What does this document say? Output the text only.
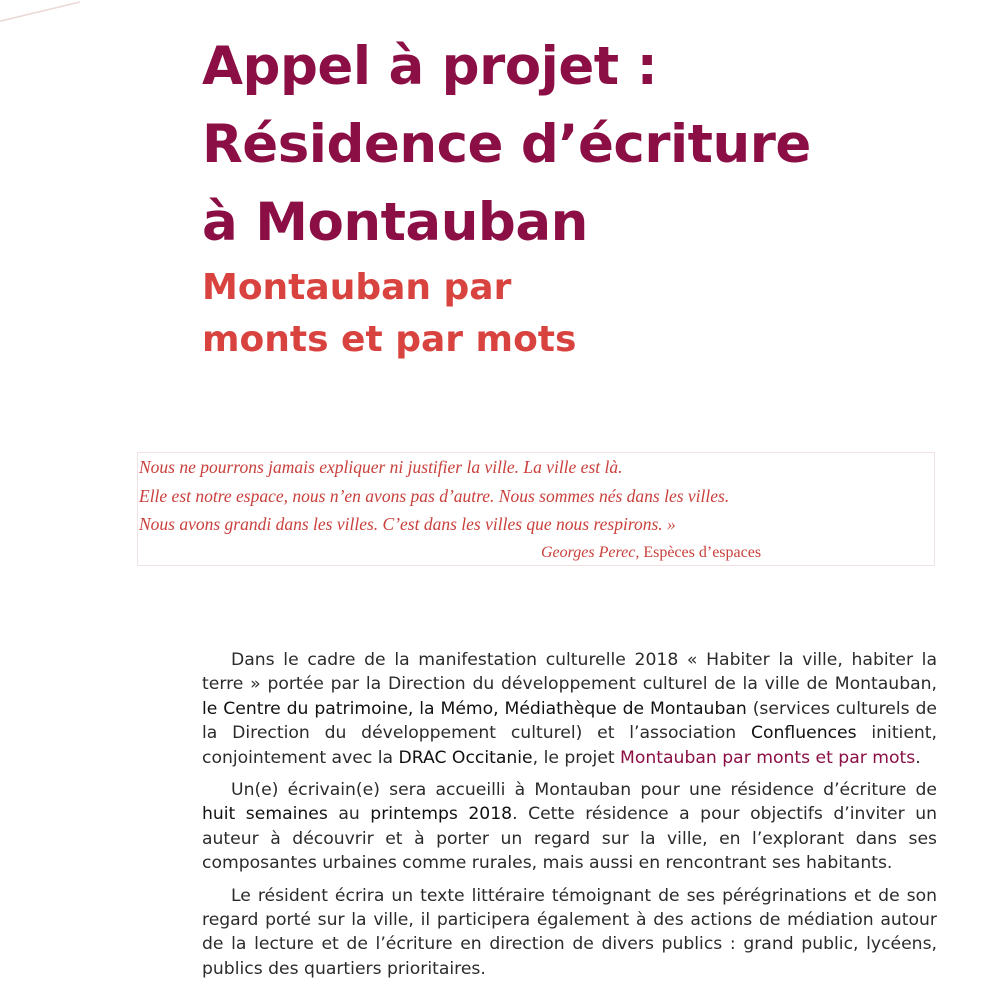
Appel à projet :
Résidence d’écriture
à Montauban
Montauban par
monts et par mots
Nous ne pourrons jamais expliquer ni justifier la ville. La ville est là.
Elle est notre espace, nous n’en avons pas d’autre. Nous sommes nés dans les villes.
Nous avons grandi dans les villes. C’est dans les villes que nous respirons. »
Georges Perec, Espèces d’espaces

Dans le cadre de la manifestation culturelle 2018 « Habiter la ville, habiter la terre » portée par la Direction du développement culturel de la ville de Montauban, le Centre du patrimoine, la Mémo, Médiathèque de Montauban (services culturels de la Direction du développement culturel) et l’association Confluences initient, conjointement avec la DRAC Occitanie, le projet Montauban par monts et par mots.

Un(e) écrivain(e) sera accueilli à Montauban pour une résidence d’écriture de huit semaines au printemps 2018. Cette résidence a pour objectifs d’inviter un auteur à découvrir et à porter un regard sur la ville, en l’explorant dans ses composantes urbaines comme rurales, mais aussi en rencontrant ses habitants.

Le résident écrira un texte littéraire témoignant de ses pérégrinations et de son regard porté sur la ville, il participera également à des actions de médiation autour de la lecture et de l’écriture en direction de divers publics : grand public, lycéens, publics des quartiers prioritaires.
